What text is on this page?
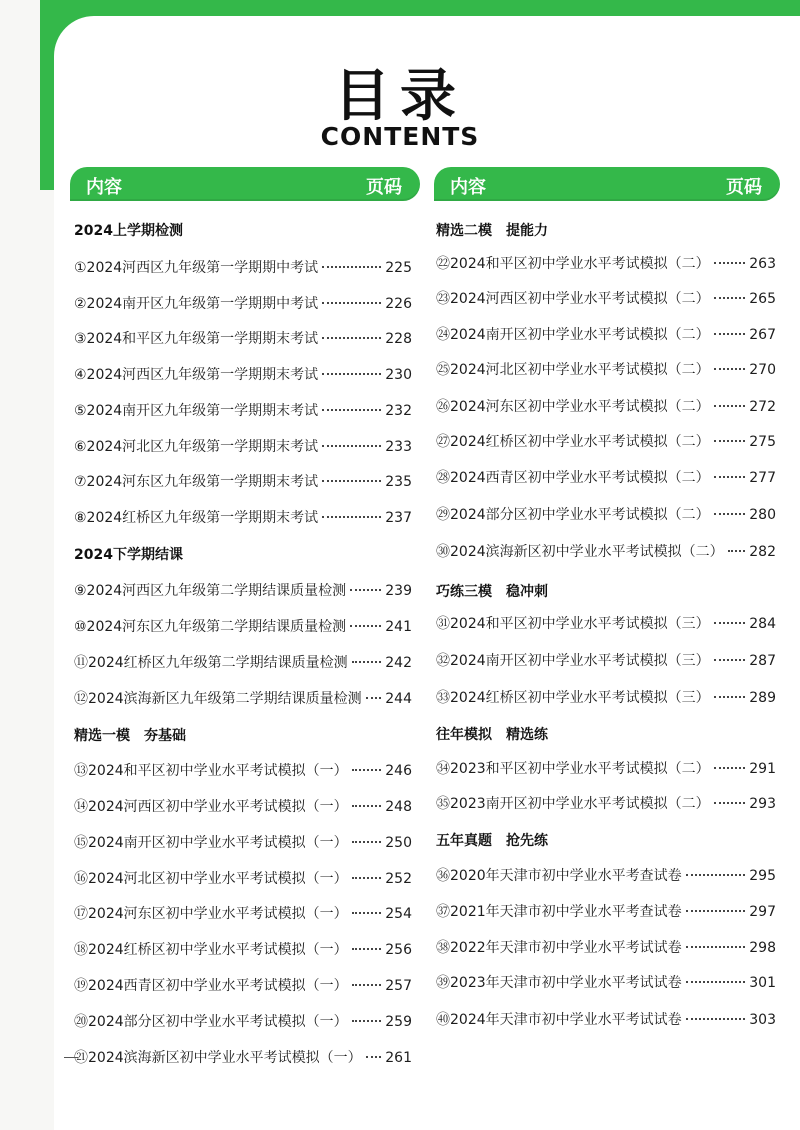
目录
CONTENTS
内容	页码	内容	页码
2024上学期检测
①2024河西区九年级第一学期期中考试	225
②2024南开区九年级第一学期期中考试	226
③2024和平区九年级第一学期期末考试	228
④2024河西区九年级第一学期期末考试	230
⑤2024南开区九年级第一学期期末考试	232
⑥2024河北区九年级第一学期期末考试	233
⑦2024河东区九年级第一学期期末考试	235
⑧2024红桥区九年级第一学期期末考试	237
2024下学期结课
⑨2024河西区九年级第二学期结课质量检测	239
⑩2024河东区九年级第二学期结课质量检测	241
⑪2024红桥区九年级第二学期结课质量检测	242
⑫2024滨海新区九年级第二学期结课质量检测 244
精选一模　夯基础
⑬2024和平区初中学业水平考试模拟（一）	246
⑭2024河西区初中学业水平考试模拟（一）	248
⑮2024南开区初中学业水平考试模拟（一）	250
⑯2024河北区初中学业水平考试模拟（一）	252
⑰2024河东区初中学业水平考试模拟（一）	254
⑱2024红桥区初中学业水平考试模拟（一）	256
⑲2024西青区初中学业水平考试模拟（一）	257
⑳2024部分区初中学业水平考试模拟（一）	259
㉑2024滨海新区初中学业水平考试模拟（一） 261
精选二模　提能力
㉒2024和平区初中学业水平考试模拟（二）	263
㉓2024河西区初中学业水平考试模拟（二）	265
㉔2024南开区初中学业水平考试模拟（二）	267
㉕2024河北区初中学业水平考试模拟（二）	270
㉖2024河东区初中学业水平考试模拟（二）	272
㉗2024红桥区初中学业水平考试模拟（二）	275
㉘2024西青区初中学业水平考试模拟（二）	277
㉙2024部分区初中学业水平考试模拟（二）	280
㉚2024滨海新区初中学业水平考试模拟（二） 282
巧练三模　稳冲刺
㉛2024和平区初中学业水平考试模拟（三）	284
㉜2024南开区初中学业水平考试模拟（三）	287
㉝2024红桥区初中学业水平考试模拟（三）	289
往年模拟　精选练
㉞2023和平区初中学业水平考试模拟（二）	291
㉟2023南开区初中学业水平考试模拟（二）	293
五年真题　抢先练
㊱2020年天津市初中学业水平考查试卷	295
㊲2021年天津市初中学业水平考查试卷	297
㊳2022年天津市初中学业水平考试试卷	298
㊴2023年天津市初中学业水平考试试卷	301
㊵2024年天津市初中学业水平考试试卷	303
